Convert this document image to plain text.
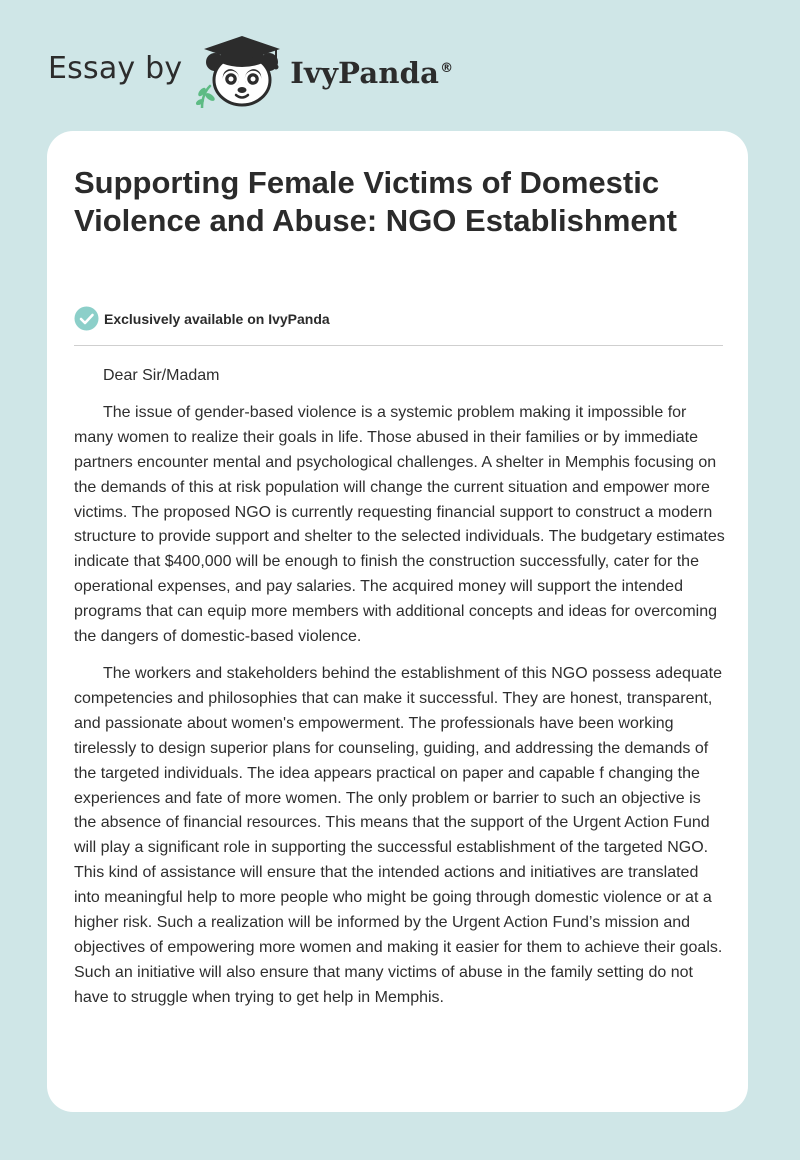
Essay by	IvyPanda®
Supporting Female Victims of Domestic Violence and Abuse: NGO Establishment
Exclusively available on IvyPanda

Dear Sir/Madam

The issue of gender-based violence is a systemic problem making it impossible for many women to realize their goals in life. Those abused in their families or by immediate partners encounter mental and psychological challenges. A shelter in Memphis focusing on the demands of this at risk population will change the current situation and empower more victims. The proposed NGO is currently requesting financial support to construct a modern structure to provide support and shelter to the selected individuals. The budgetary estimates indicate that $400,000 will be enough to finish the construction successfully, cater for the operational expenses, and pay salaries. The acquired money will support the intended programs that can equip more members with additional concepts and ideas for overcoming the dangers of domestic-based violence.

The workers and stakeholders behind the establishment of this NGO possess adequate competencies and philosophies that can make it successful. They are honest, transparent, and passionate about women's empowerment. The professionals have been working tirelessly to design superior plans for counseling, guiding, and addressing the demands of the targeted individuals. The idea appears practical on paper and capable f changing the experiences and fate of more women. The only problem or barrier to such an objective is the absence of financial resources. This means that the support of the Urgent Action Fund will play a significant role in supporting the successful establishment of the targeted NGO. This kind of assistance will ensure that the intended actions and initiatives are translated into meaningful help to more people who might be going through domestic violence or at a higher risk. Such a realization will be informed by the Urgent Action Fund’s mission and objectives of empowering more women and making it easier for them to achieve their goals. Such an initiative will also ensure that many victims of abuse in the family setting do not have to struggle when trying to get help in Memphis.
